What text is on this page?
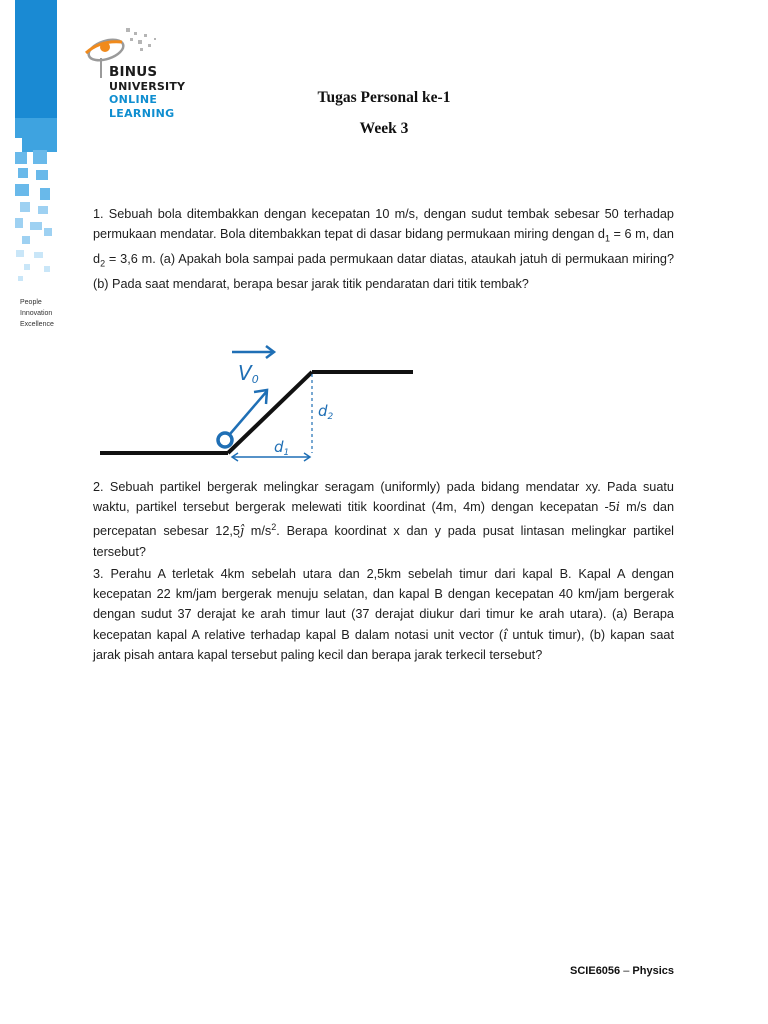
People
Innovation
Excellence
BINUS
UNIVERSITY
ONLINE
LEARNING
Tugas Personal ke-1
Week 3
1. Sebuah bola ditembakkan dengan kecepatan 10 m/s, dengan sudut tembak sebesar 50 terhadap permukaan mendatar. Bola ditembakkan tepat di dasar bidang permukaan miring dengan $d_1 = 6$ m, dan $d_2 = 3,6$ m. (a) Apakah bola sampai pada permukaan datar diatas, ataukah jatuh di permukaan miring? (b) Pada saat mendarat, berapa besar jarak titik pendaratan dari titik tembak?
V0
$d_2$
$d_1$
2. Sebuah partikel bergerak melingkar seragam (uniformly) pada bidang mendatar xy. Pada suatu waktu, partikel tersebut bergerak melewati titik koordinat (4m, 4m) dengan kecepatan -5i m/s dan percepatan sebesar 12,5ĵ $m/s^2$. Berapa koordinat x dan y pada pusat lintasan melingkar partikel tersebut?
3. Perahu A terletak 4km sebelah utara dan 2,5km sebelah timur dari kapal B. Kapal A dengan kecepatan 22 km/jam bergerak menuju selatan, dan kapal B dengan kecepatan 40 km/jam bergerak dengan sudut 37 derajat ke arah timur laut (37 derajat diukur dari timur ke arah utara). (a) Berapa kecepatan kapal A relative terhadap kapal B dalam notasi unit vector (î untuk timur), (b) kapan saat jarak pisah antara kapal tersebut paling kecil dan berapa jarak terkecil tersebut?
SCIE6056 – Physics
